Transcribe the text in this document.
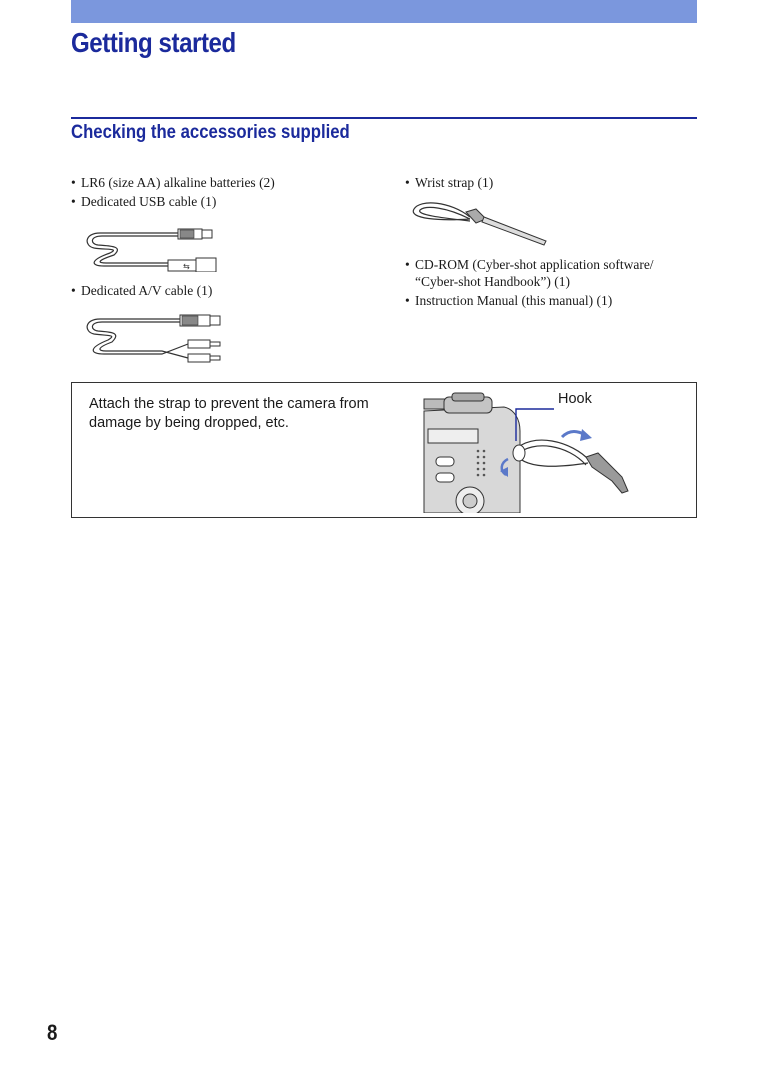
Getting started
Checking the accessories supplied
• LR6 (size AA) alkaline batteries (2)
• Dedicated USB cable (1)
⇆
• Dedicated A/V cable (1)
• Wrist strap (1)
• CD-ROM (Cyber-shot application software/
“Cyber-shot Handbook”) (1)
• Instruction Manual (this manual) (1)
Attach the strap to prevent the camera from damage by being dropped, etc.
Hook
8
